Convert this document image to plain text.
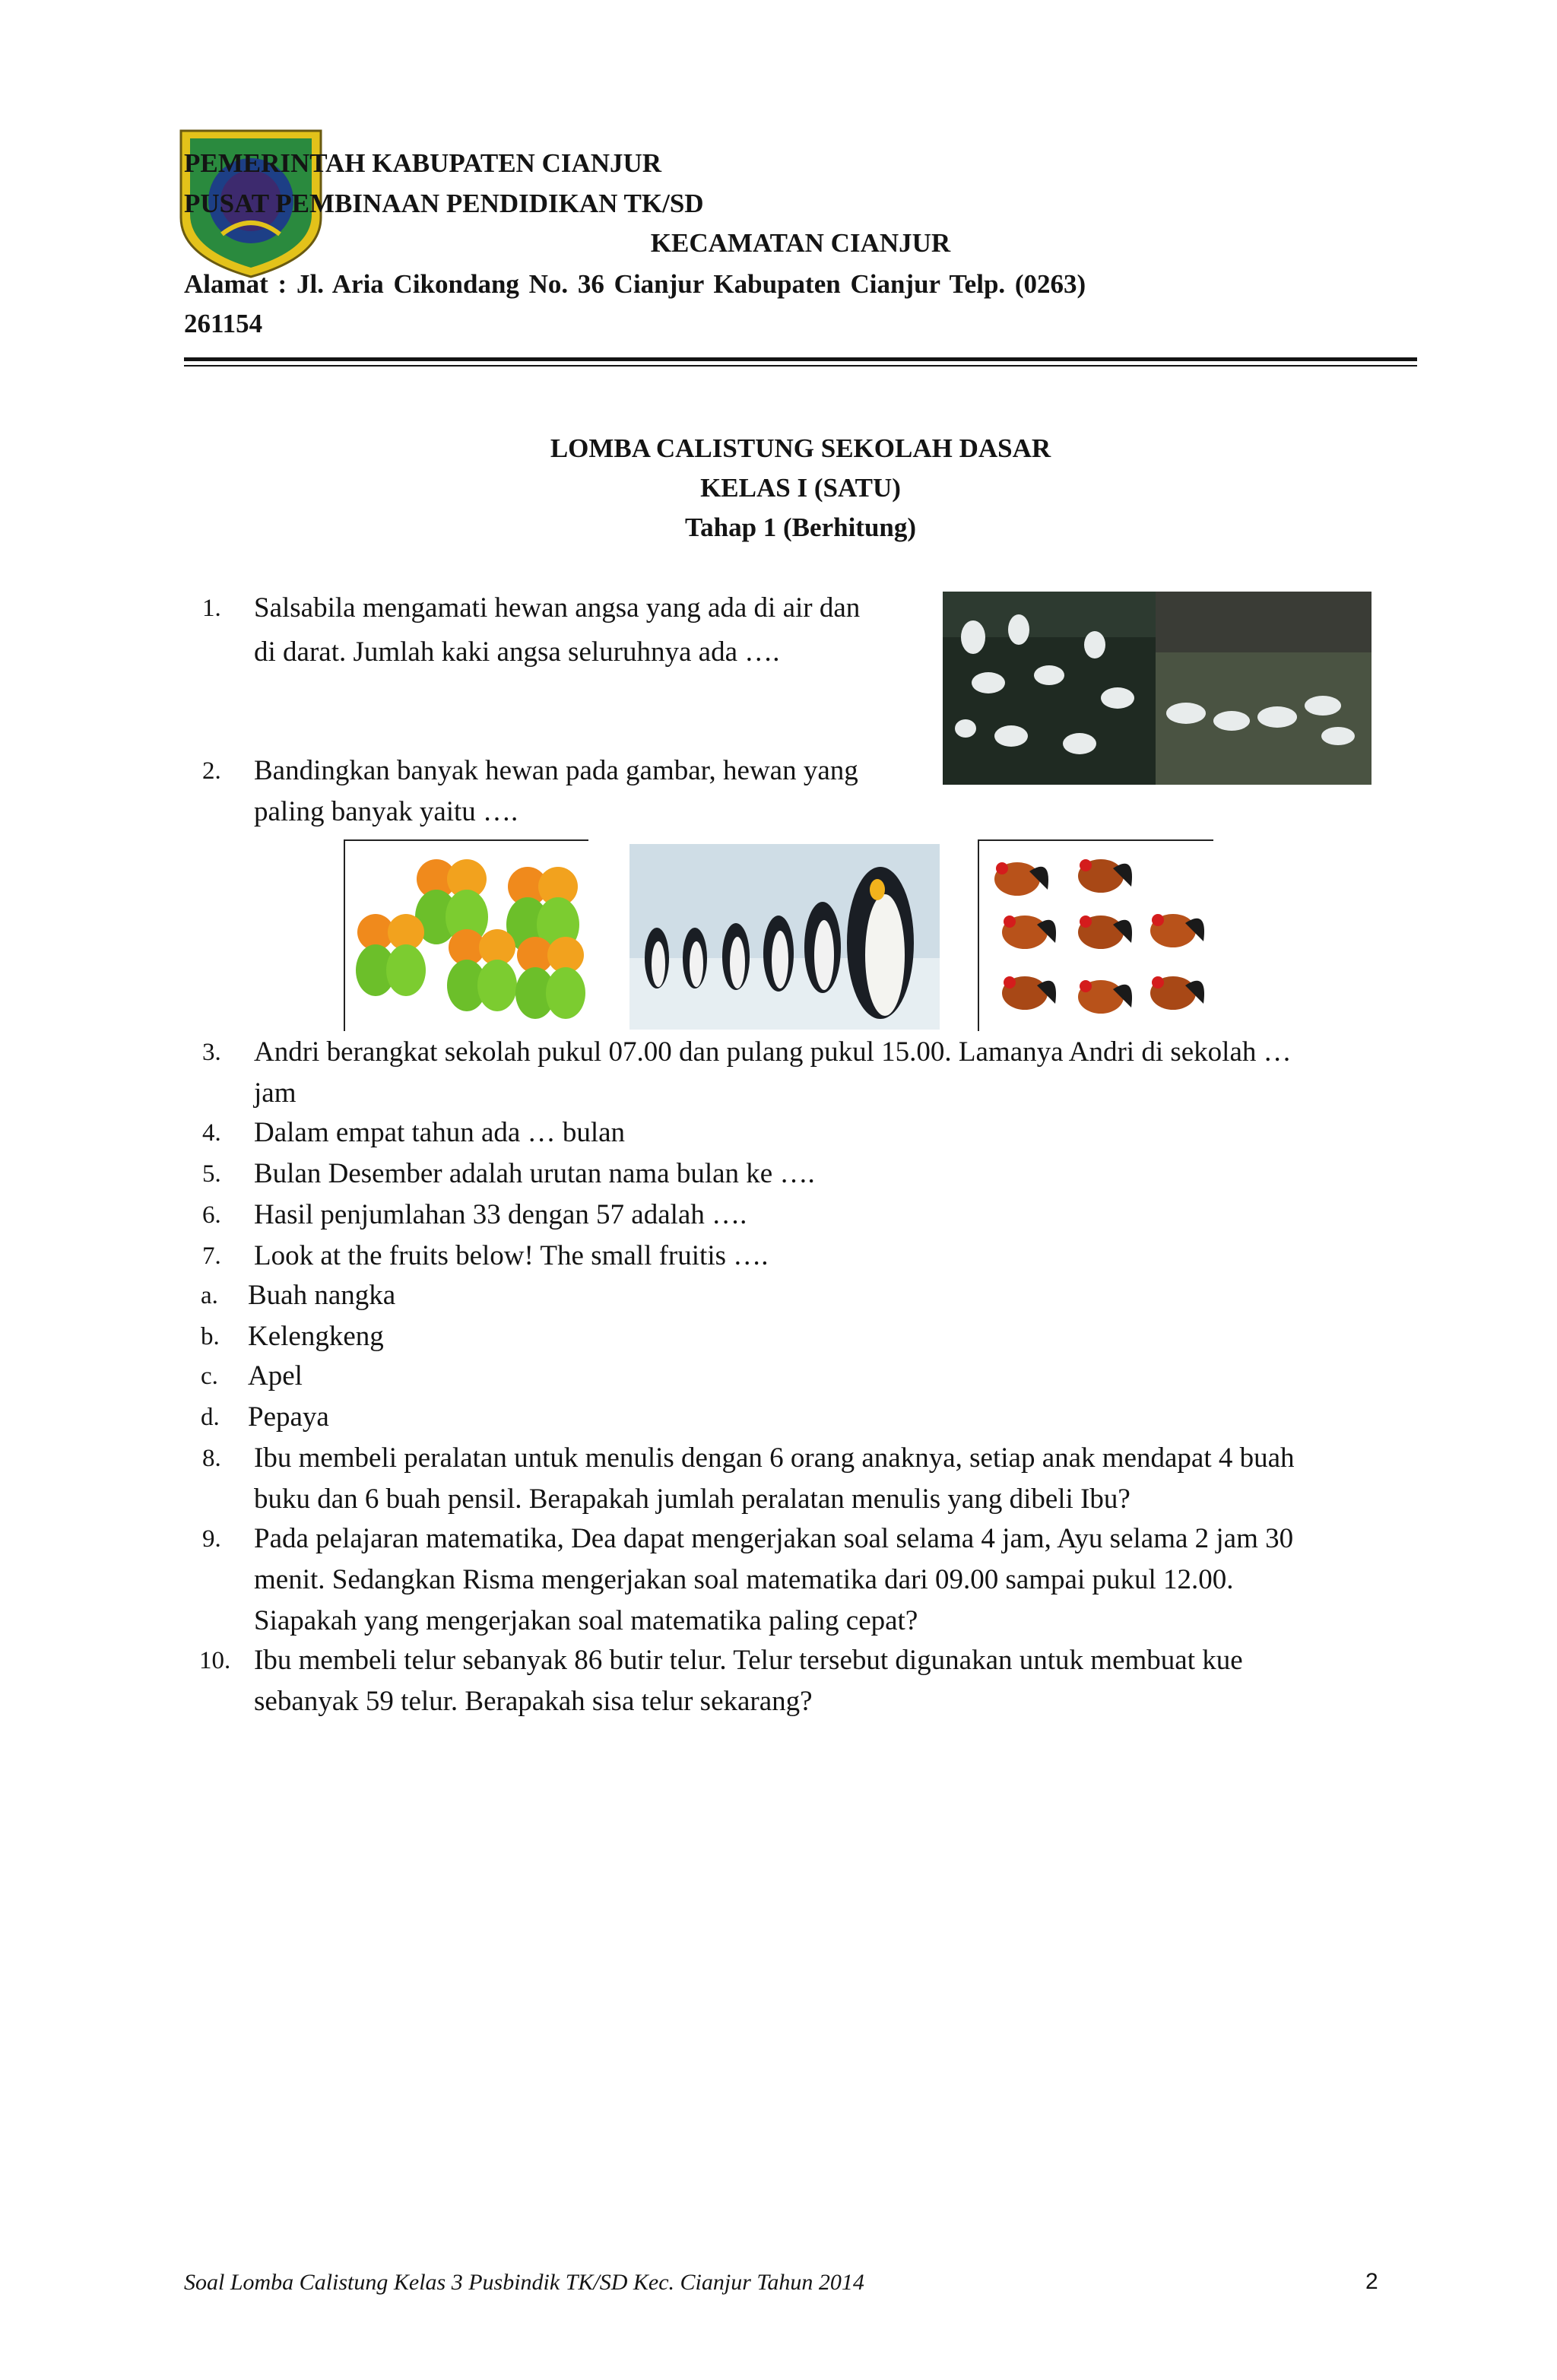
PEMERINTAH KABUPATEN CIANJUR
PUSAT PEMBINAAN PENDIDIKAN TK/SD
KECAMATAN CIANJUR
Alamat : Jl. Aria Cikondang No. 36 Cianjur Kabupaten Cianjur Telp. (0263)
261154
LOMBA CALISTUNG SEKOLAH DASAR
KELAS I (SATU)
Tahap 1 (Berhitung)
1. Salsabila mengamati hewan angsa yang ada di air dan
di darat. Jumlah kaki angsa seluruhnya ada ….
2. Bandingkan banyak hewan pada gambar, hewan yang
paling banyak yaitu ….
3. Andri berangkat sekolah pukul 07.00 dan pulang pukul 15.00. Lamanya Andri di sekolah …
jam
4. Dalam empat tahun ada … bulan
5. Bulan Desember adalah urutan nama bulan ke ….
6. Hasil penjumlahan 33 dengan 57 adalah ….
7. Look at the fruits below! The small fruitis ….
a. Buah nangka
b. Kelengkeng
c. Apel
d. Pepaya
8. Ibu membeli peralatan untuk menulis dengan 6 orang anaknya, setiap anak mendapat 4 buah
buku dan 6 buah pensil. Berapakah jumlah peralatan menulis yang dibeli Ibu?
9. Pada pelajaran matematika, Dea dapat mengerjakan soal selama 4 jam, Ayu selama 2 jam 30
menit. Sedangkan Risma mengerjakan soal matematika dari 09.00 sampai pukul 12.00.
Siapakah yang mengerjakan soal matematika paling cepat?
10. Ibu membeli telur sebanyak 86 butir telur. Telur tersebut digunakan untuk membuat kue
sebanyak 59 telur. Berapakah sisa telur sekarang?
Soal Lomba Calistung Kelas 3 Pusbindik TK/SD Kec. Cianjur Tahun 2014	2
